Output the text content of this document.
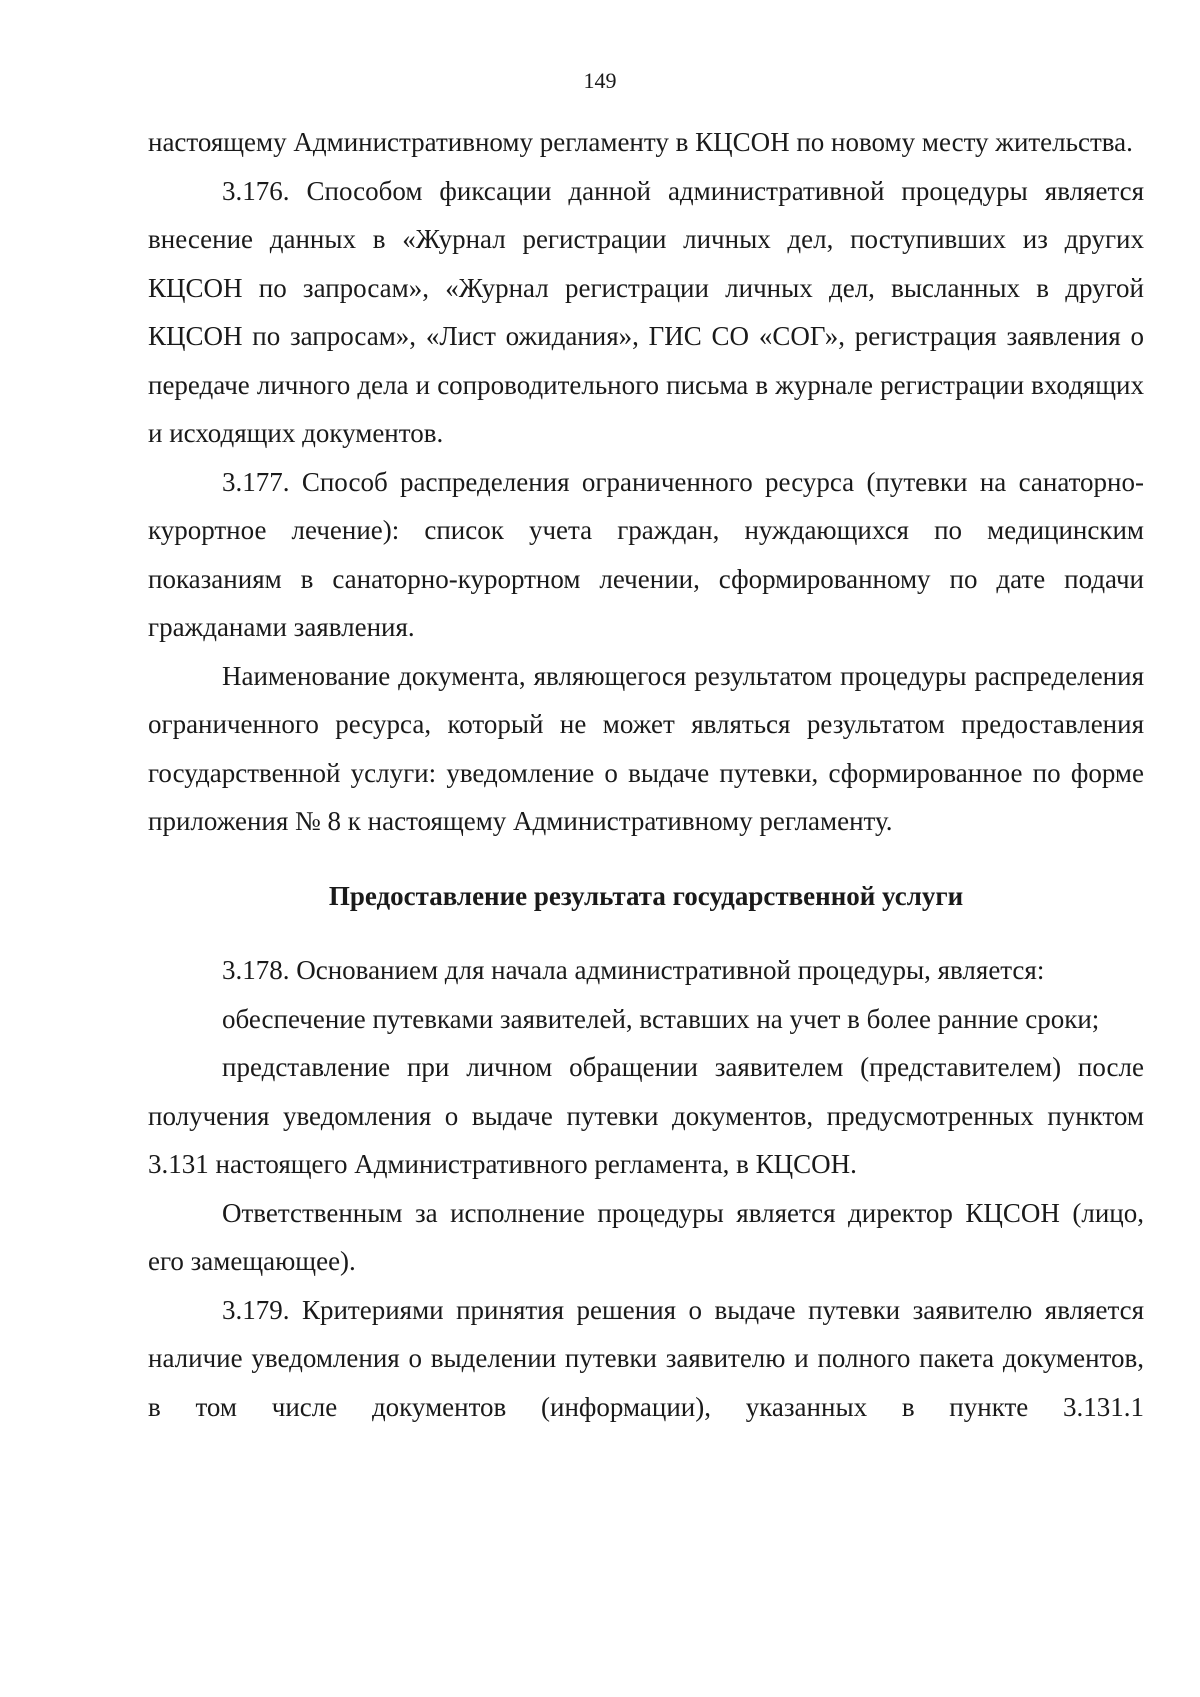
149

настоящему Административному регламенту в КЦСОН по новому месту жительства.

3.176. Способом фиксации данной административной процедуры является внесение данных в «Журнал регистрации личных дел, поступивших из других КЦСОН по запросам», «Журнал регистрации личных дел, высланных в другой КЦСОН по запросам», «Лист ожидания», ГИС СО «СОГ», регистрация заявления о передаче личного дела и сопроводительного письма в журнале регистрации входящих и исходящих документов.

3.177. Способ распределения ограниченного ресурса (путевки на санаторно-курортное лечение): список учета граждан, нуждающихся по медицинским показаниям в санаторно-курортном лечении, сформированному по дате подачи гражданами заявления.

Наименование документа, являющегося результатом процедуры распределения ограниченного ресурса, который не может являться результатом предоставления государственной услуги: уведомление о выдаче путевки, сформированное по форме приложения № 8 к настоящему Административному регламенту.

Предоставление результата государственной услуги

3.178. Основанием для начала административной процедуры, является:

обеспечение путевками заявителей, вставших на учет в более ранние сроки;

представление при личном обращении заявителем (представителем) после получения уведомления о выдаче путевки документов, предусмотренных пунктом 3.131 настоящего Административного регламента, в КЦСОН.

Ответственным за исполнение процедуры является директор КЦСОН (лицо, его замещающее).

3.179. Критериями принятия решения о выдаче путевки заявителю является наличие уведомления о выделении путевки заявителю и полного пакета документов, в том числе документов (информации), указанных в пункте 3.131.1
